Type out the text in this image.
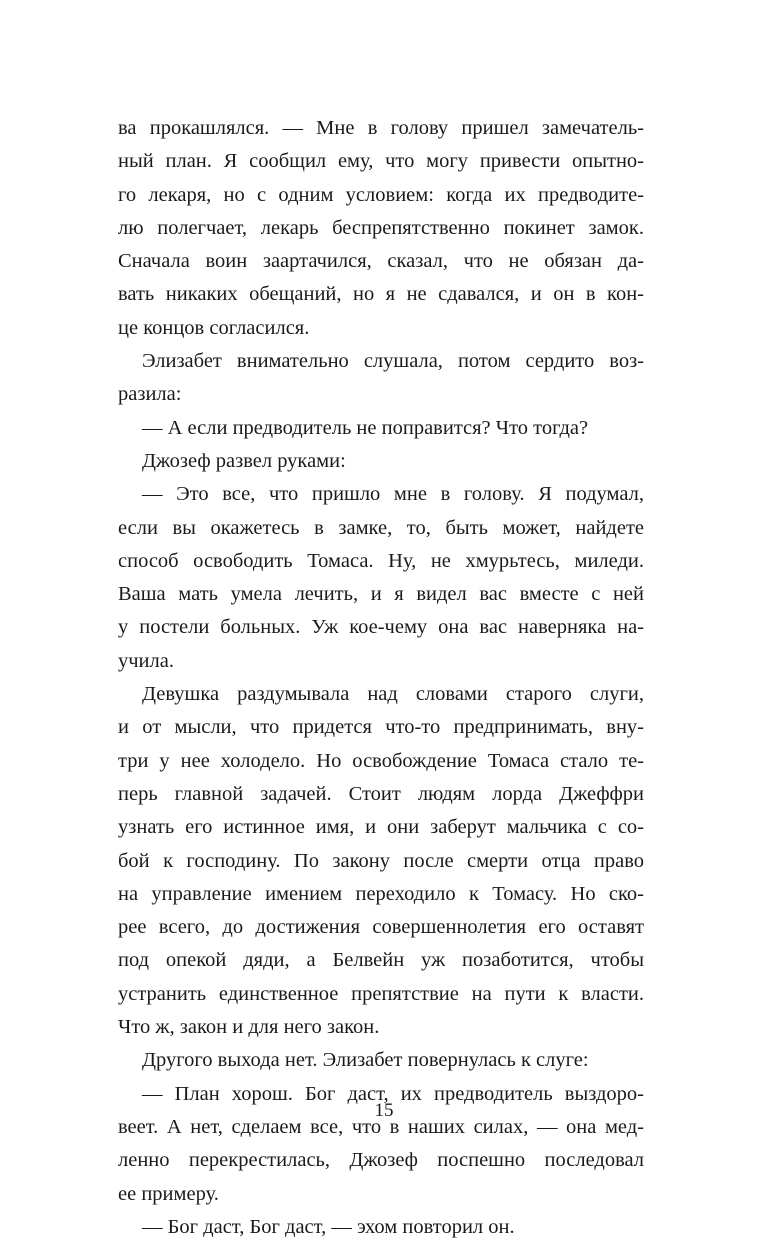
ва прокашлялся. — Мне в голову пришел замечатель-
ный план. Я сообщил ему, что могу привести опытно-
го лекаря, но с одним условием: когда их предводите-
лю полегчает, лекарь беспрепятственно покинет замок.
Сначала воин заартачился, сказал, что не обязан да-
вать никаких обещаний, но я не сдавался, и он в кон-
це концов согласился.
Элизабет внимательно слушала, потом сердито воз-
разила:
— А если предводитель не поправится? Что тогда?
Джозеф развел руками:
— Это все, что пришло мне в голову. Я подумал,
если вы окажетесь в замке, то, быть может, найдете
способ освободить Томаса. Ну, не хмурьтесь, миледи.
Ваша мать умела лечить, и я видел вас вместе с ней
у постели больных. Уж кое-чему она вас наверняка на-
учила.
Девушка раздумывала над словами старого слуги,
и от мысли, что придется что-то предпринимать, вну-
три у нее холодело. Но освобождение Томаса стало те-
перь главной задачей. Стоит людям лорда Джеффри
узнать его истинное имя, и они заберут мальчика с со-
бой к господину. По закону после смерти отца право
на управление имением переходило к Томасу. Но ско-
рее всего, до достижения совершеннолетия его оставят
под опекой дяди, а Белвейн уж позаботится, чтобы
устранить единственное препятствие на пути к власти.
Что ж, закон и для него закон.
Другого выхода нет. Элизабет повернулась к слуге:
— План хорош. Бог даст, их предводитель выздоро-
веет. А нет, сделаем все, что в наших силах, — она мед-
ленно перекрестилась, Джозеф поспешно последовал
ее примеру.
— Бог даст, Бог даст, — эхом повторил он.
15
